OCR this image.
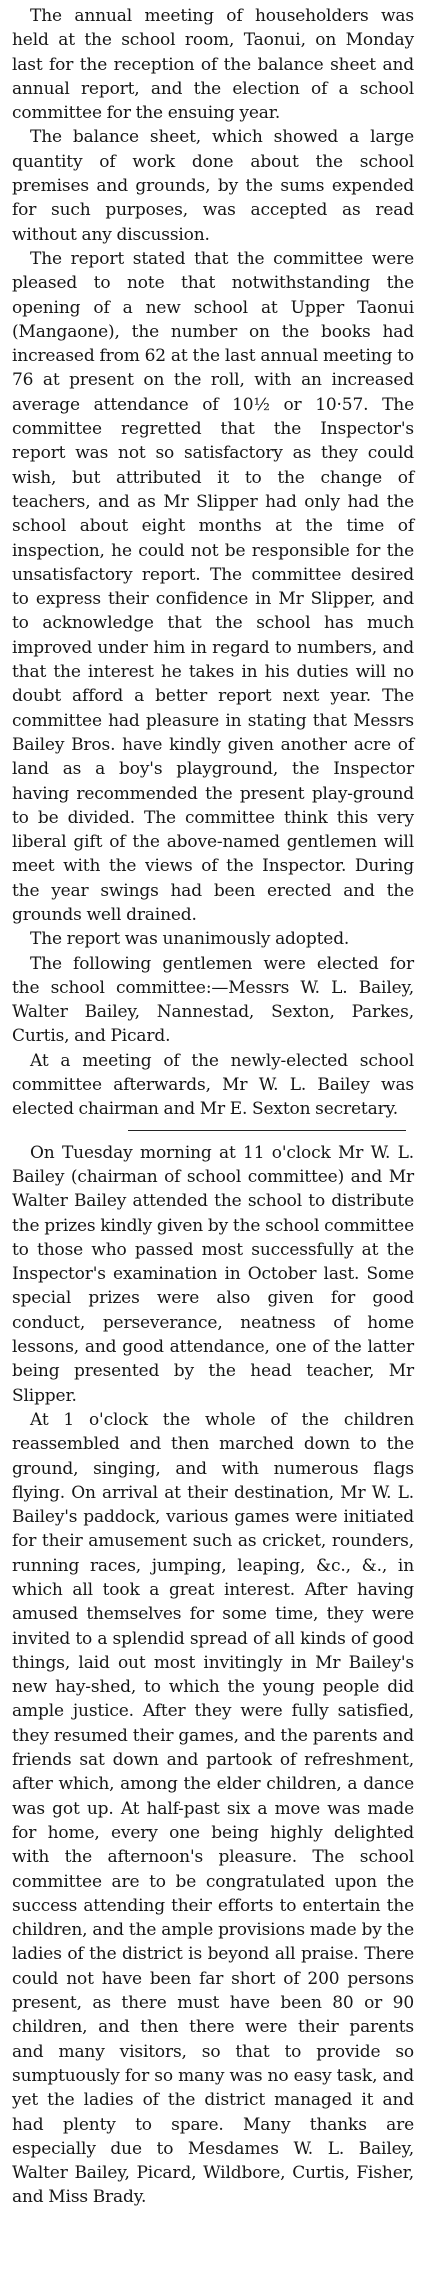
The annual meeting of householders was held at the school room, Taonui, on Monday last for the reception of the balance sheet and annual report, and the election of a school committee for the ensuing year.

The balance sheet, which showed a large quantity of work done about the school premises and grounds, by the sums expended for such purposes, was accepted as read without any discussion.

The report stated that the committee were pleased to note that notwithstanding the opening of a new school at Upper Taonui (Mangaone), the number on the books had increased from 62 at the last annual meeting to 76 at present on the roll, with an increased average attendance of 10½ or 10·57. The committee regretted that the Inspector's report was not so satisfactory as they could wish, but attributed it to the change of teachers, and as Mr Slipper had only had the school about eight months at the time of inspection, he could not be responsible for the unsatisfactory report. The committee desired to express their confidence in Mr Slipper, and to acknowledge that the school has much improved under him in regard to numbers, and that the interest he takes in his duties will no doubt afford a better report next year. The committee had pleasure in stating that Messrs Bailey Bros. have kindly given another acre of land as a boy's playground, the Inspector having recommended the present play-ground to be divided. The committee think this very liberal gift of the above-named gentlemen will meet with the views of the Inspector. During the year swings had been erected and the grounds well drained.

The report was unanimously adopted.

The following gentlemen were elected for the school committee:—Messrs W. L. Bailey, Walter Bailey, Nannestad, Sexton, Parkes, Curtis, and Picard.

At a meeting of the newly-elected school committee afterwards, Mr W. L. Bailey was elected chairman and Mr E. Sexton secretary.

On Tuesday morning at 11 o'clock Mr W. L. Bailey (chairman of school committee) and Mr Walter Bailey attended the school to distribute the prizes kindly given by the school committee to those who passed most successfully at the Inspector's examination in October last. Some special prizes were also given for good conduct, perseverance, neatness of home lessons, and good attendance, one of the latter being presented by the head teacher, Mr Slipper.

At 1 o'clock the whole of the children reassembled and then marched down to the ground, singing, and with numerous flags flying. On arrival at their destination, Mr W. L. Bailey's paddock, various games were initiated for their amusement such as cricket, rounders, running races, jumping, leaping, &c., &., in which all took a great interest. After having amused themselves for some time, they were invited to a splendid spread of all kinds of good things, laid out most invitingly in Mr Bailey's new hay-shed, to which the young people did ample justice. After they were fully satisfied, they resumed their games, and the parents and friends sat down and partook of refreshment, after which, among the elder children, a dance was got up. At half-past six a move was made for home, every one being highly delighted with the afternoon's pleasure. The school committee are to be congratulated upon the success attending their efforts to entertain the children, and the ample provisions made by the ladies of the district is beyond all praise. There could not have been far short of 200 persons present, as there must have been 80 or 90 children, and then there were their parents and many visitors, so that to provide so sumptuously for so many was no easy task, and yet the ladies of the district managed it and had plenty to spare. Many thanks are especially due to Mesdames W. L. Bailey, Walter Bailey, Picard, Wildbore, Curtis, Fisher, and Miss Brady.
